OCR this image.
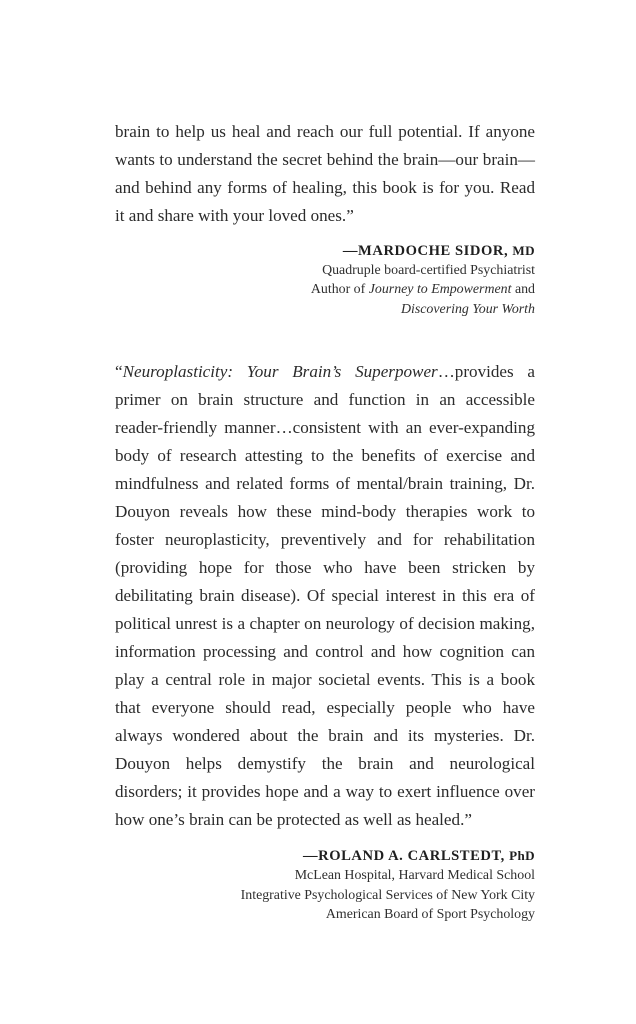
brain to help us heal and reach our full potential. If anyone wants to understand the secret behind the brain—our brain—and behind any forms of healing, this book is for you. Read it and share with your loved ones.”

—MARDOCHE SIDOR, MD
Quadruple board-certified Psychiatrist
Author of Journey to Empowerment and
Discovering Your Worth

“Neuroplasticity: Your Brain’s Superpower…provides a primer on brain structure and function in an accessible reader-friendly manner…consistent with an ever-expanding body of research attesting to the benefits of exercise and mindfulness and related forms of mental/brain training, Dr. Douyon reveals how these mind-body therapies work to foster neuroplasticity, preventively and for rehabilitation (providing hope for those who have been stricken by debilitating brain disease). Of special interest in this era of political unrest is a chapter on neurology of decision making, information processing and control and how cognition can play a central role in major societal events. This is a book that everyone should read, especially people who have always wondered about the brain and its mysteries. Dr. Douyon helps demystify the brain and neurological disorders; it provides hope and a way to exert influence over how one’s brain can be protected as well as healed.”

—ROLAND A. CARLSTEDT, PhD
McLean Hospital, Harvard Medical School
Integrative Psychological Services of New York City
American Board of Sport Psychology
